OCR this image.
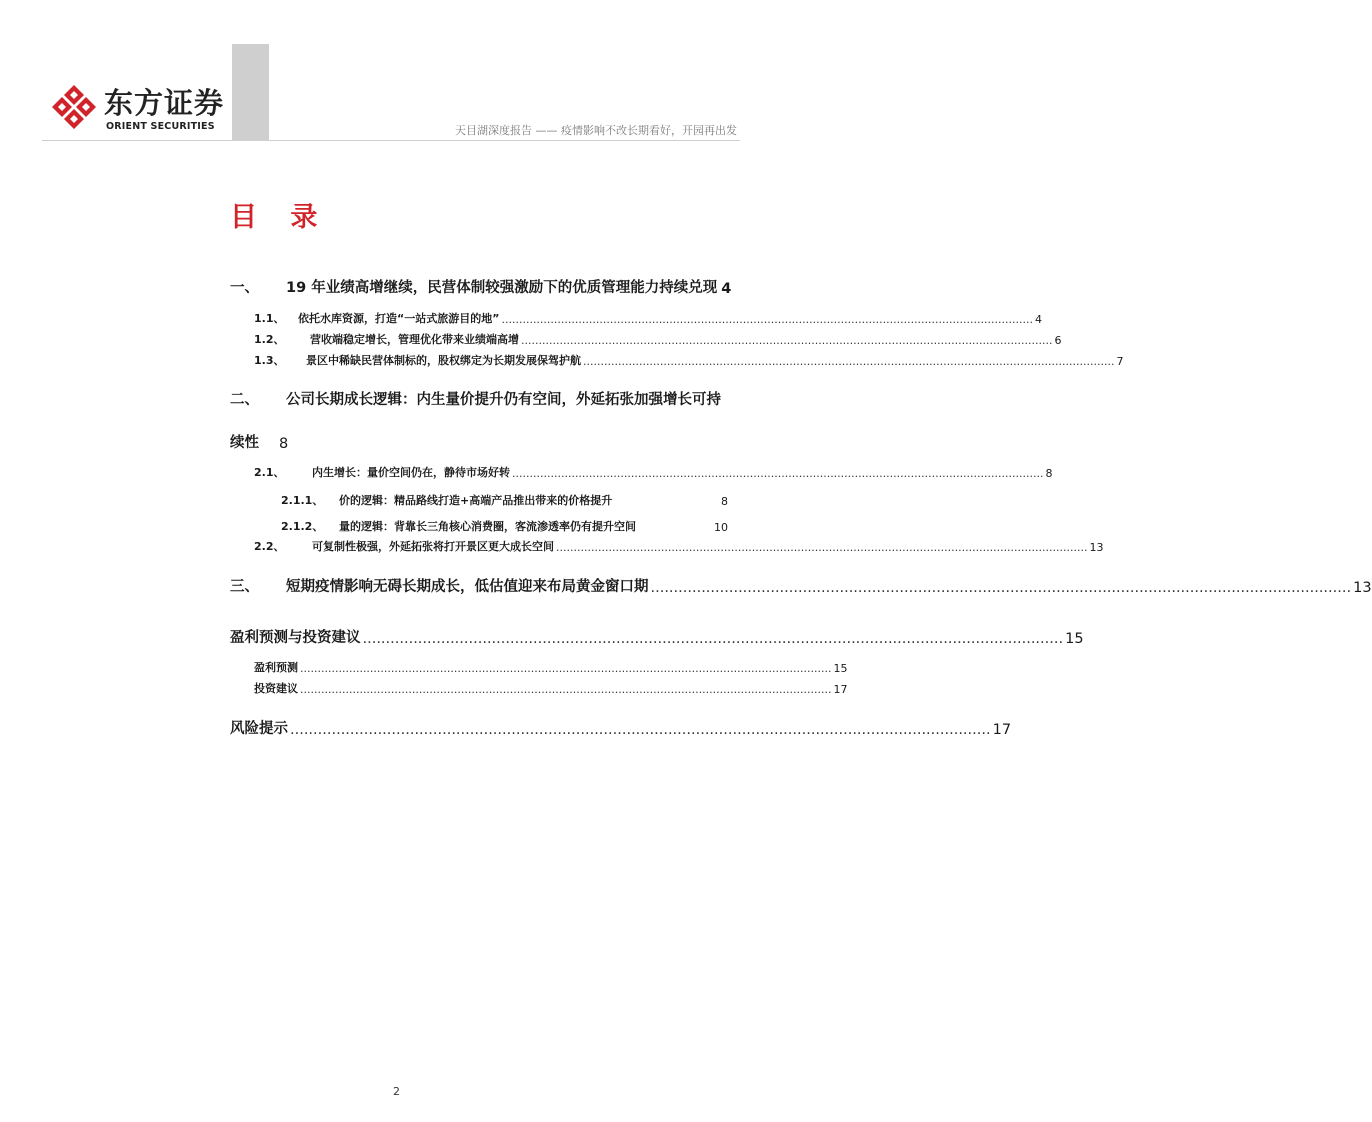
东方证券
ORIENT SECURITIES	天目湖深度报告 —— 疫情影响不改长期看好，开园再出发
目 录
一、	19 年业绩高增继续，民营体制较强激励下的优质管理能力持续兑现 4
1.1、	依托水库资源，打造“一站式旅游目的地” ........................................................................................................................................................ 4
1.2、	营收端稳定增长，管理优化带来业绩端高增 ........................................................................................................................................................ 6
1.3、	景区中稀缺民营体制标的，股权绑定为长期发展保驾护航 ........................................................................................................................................................ 7
二、	公司长期成长逻辑：内生量价提升仍有空间，外延拓张加强增长可持
续性 8
2.1、	内生增长：量价空间仍在，静待市场好转 ........................................................................................................................................................ 8
2.1.1、	价的逻辑：精品路线打造+高端产品推出带来的价格提升	8
2.1.2、	量的逻辑：背靠长三角核心消费圈，客流渗透率仍有提升空间	10
2.2、	可复制性极强，外延拓张将打开景区更大成长空间 ........................................................................................................................................................ 13
三、	短期疫情影响无碍长期成长，低估值迎来布局黄金窗口期 ........................................................................................................................................................ 13
盈利预测与投资建议 ........................................................................................................................................................ 15
盈利预测 ........................................................................................................................................................ 15
投资建议 ........................................................................................................................................................ 17
风险提示 ........................................................................................................................................................ 17
2
